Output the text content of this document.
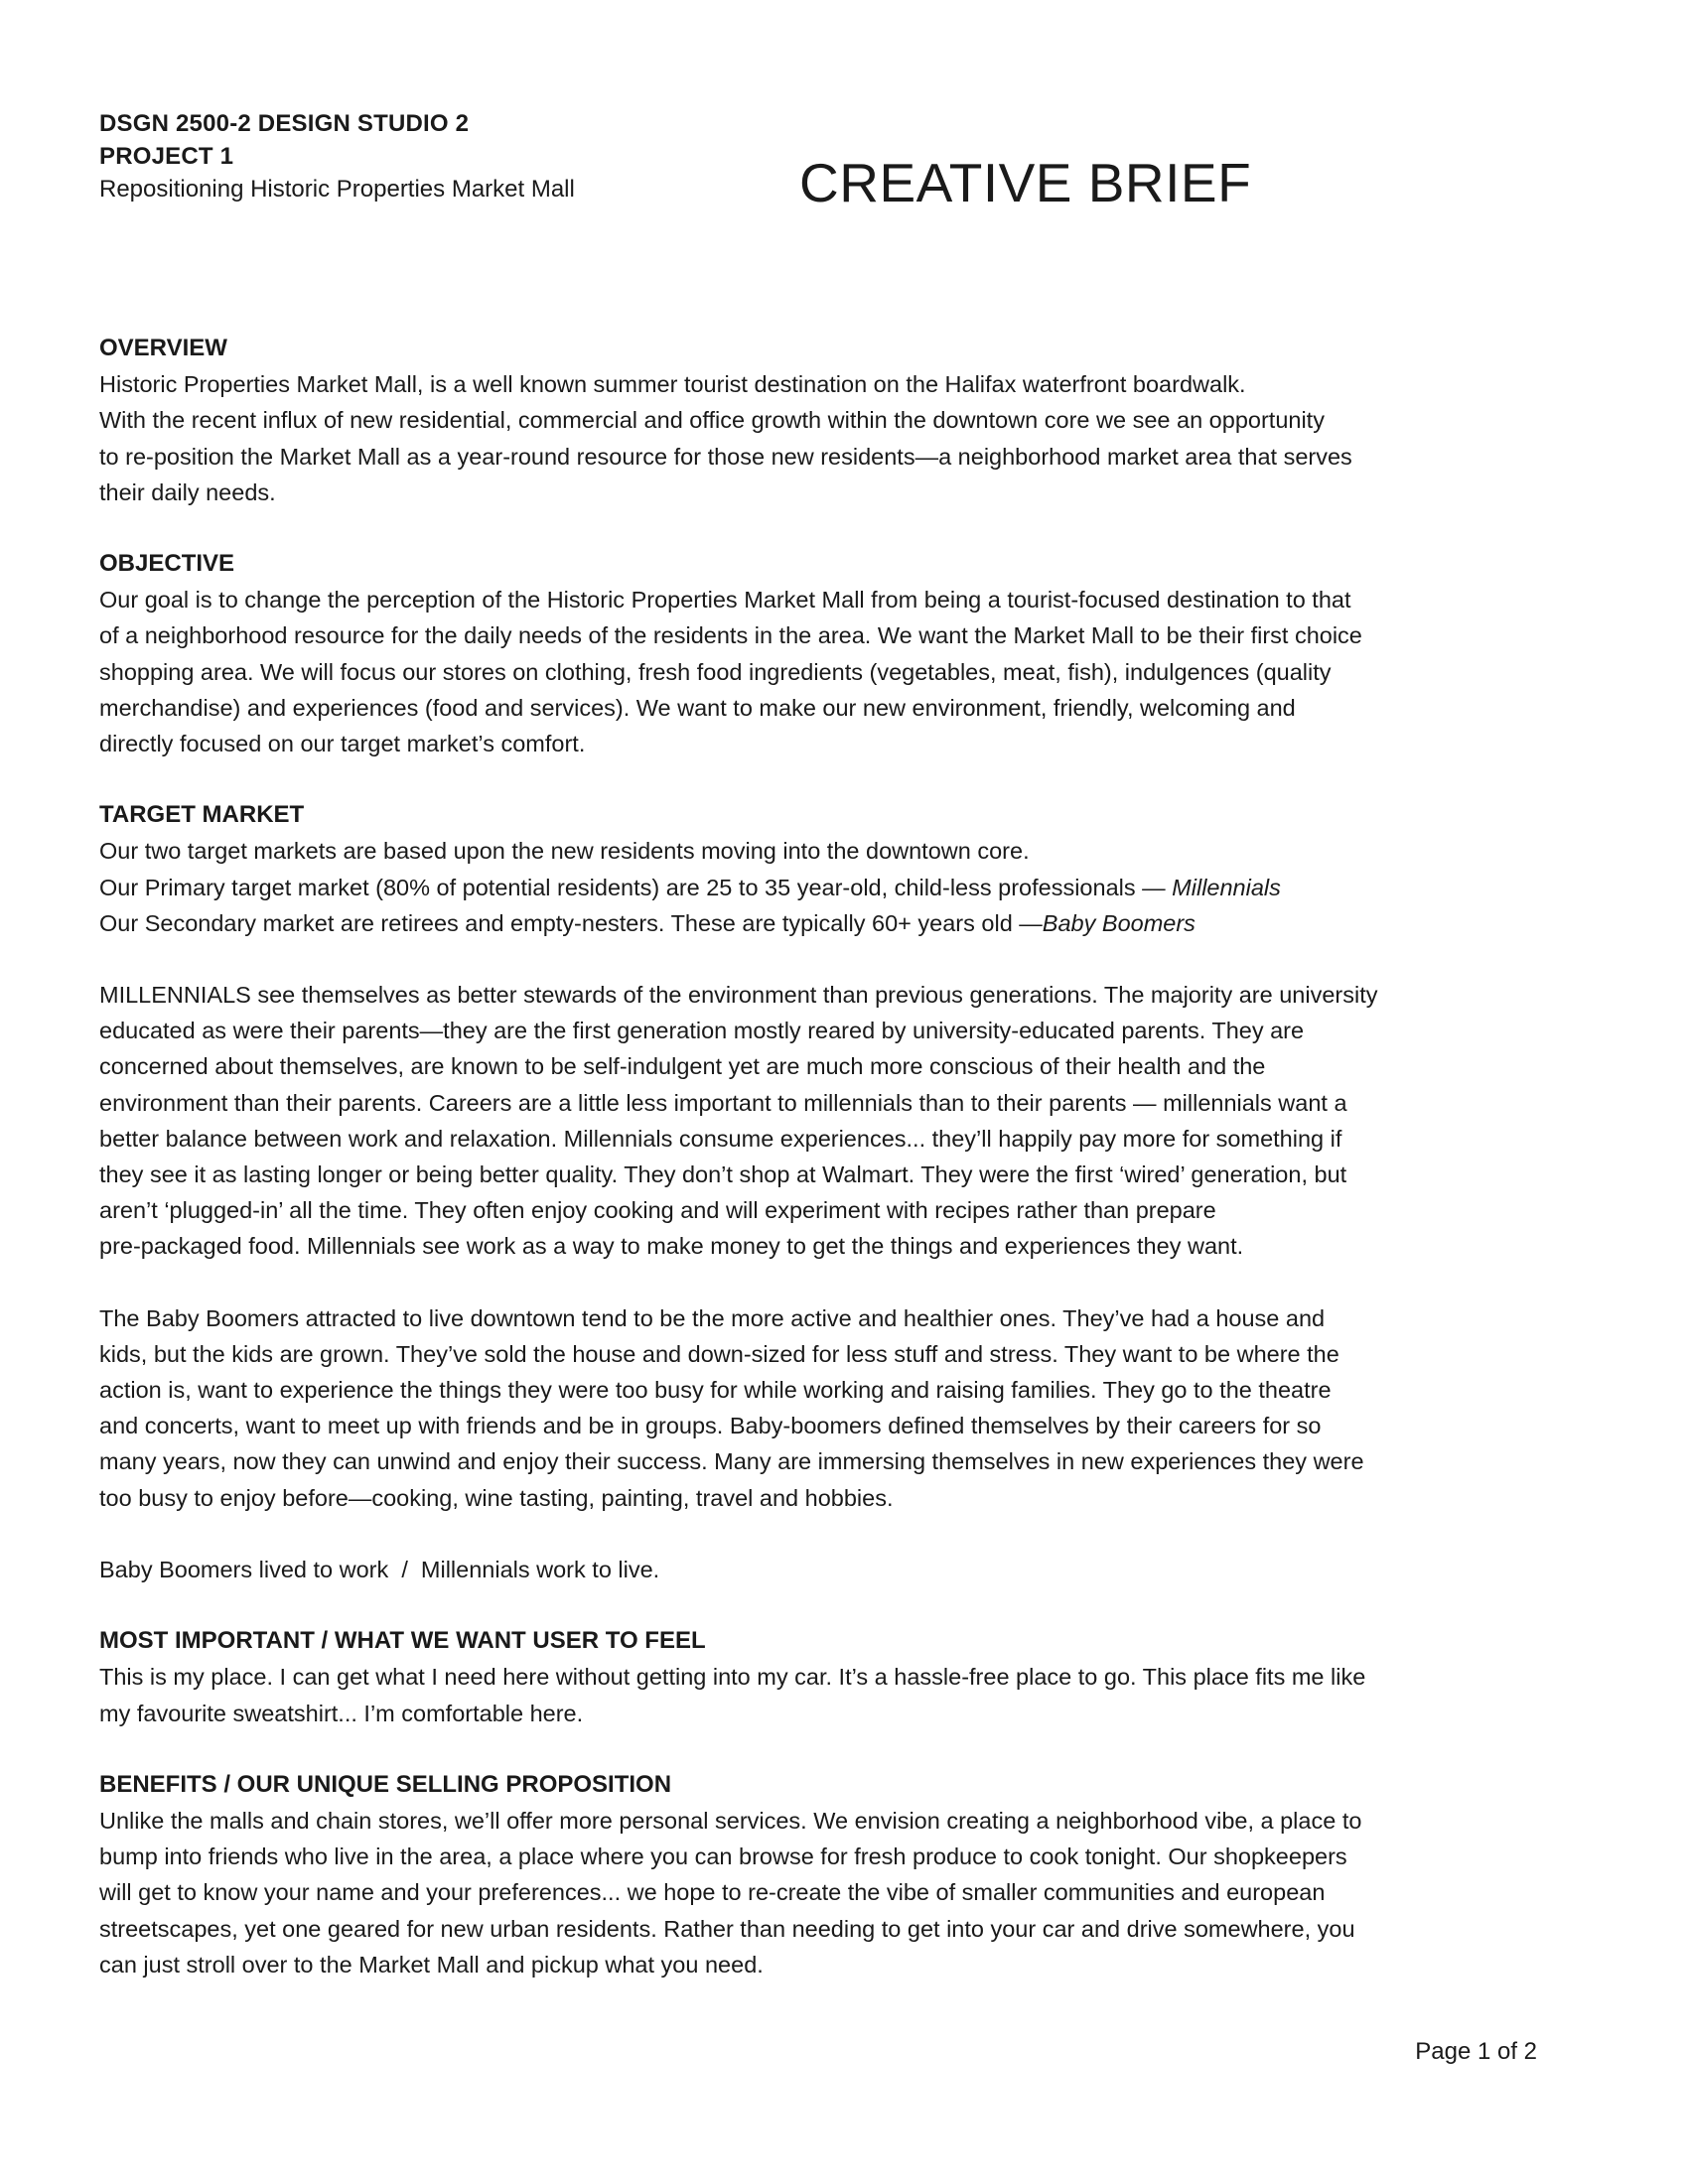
DSGN 2500-2 DESIGN STUDIO 2
PROJECT 1
Repositioning Historic Properties Market Mall	CREATIVE BRIEF
OVERVIEW

Historic Properties Market Mall, is a well known summer tourist destination on the Halifax waterfront boardwalk.
With the recent influx of new residential, commercial and office growth within the downtown core we see an opportunity
to re-position the Market Mall as a year-round resource for those new residents—a neighborhood market area that serves
their daily needs.

OBJECTIVE

Our goal is to change the perception of the Historic Properties Market Mall from being a tourist-focused destination to that
of a neighborhood resource for the daily needs of the residents in the area. We want the Market Mall to be their first choice
shopping area. We will focus our stores on clothing, fresh food ingredients (vegetables, meat, fish), indulgences (quality
merchandise) and experiences (food and services). We want to make our new environment, friendly, welcoming and
directly focused on our target market’s comfort.

TARGET MARKET

Our two target markets are based upon the new residents moving into the downtown core.
Our Primary target market (80% of potential residents) are 25 to 35 year-old, child-less professionals — Millennials
Our Secondary market are retirees and empty-nesters. These are typically 60+ years old —Baby Boomers

MILLENNIALS see themselves as better stewards of the environment than previous generations. The majority are university
educated as were their parents—they are the first generation mostly reared by university-educated parents. They are
concerned about themselves, are known to be self-indulgent yet are much more conscious of their health and the
environment than their parents. Careers are a little less important to millennials than to their parents — millennials want a
better balance between work and relaxation. Millennials consume experiences... they’ll happily pay more for something if
they see it as lasting longer or being better quality. They don’t shop at Walmart. They were the first ‘wired’ generation, but
aren’t ‘plugged-in’ all the time. They often enjoy cooking and will experiment with recipes rather than prepare
pre-packaged food. Millennials see work as a way to make money to get the things and experiences they want.

The Baby Boomers attracted to live downtown tend to be the more active and healthier ones. They’ve had a house and
kids, but the kids are grown. They’ve sold the house and down-sized for less stuff and stress. They want to be where the
action is, want to experience the things they were too busy for while working and raising families. They go to the theatre
and concerts, want to meet up with friends and be in groups. Baby-boomers defined themselves by their careers for so
many years, now they can unwind and enjoy their success. Many are immersing themselves in new experiences they were
too busy to enjoy before—cooking, wine tasting, painting, travel and hobbies.

Baby Boomers lived to work  /  Millennials work to live.

MOST IMPORTANT / WHAT WE WANT USER TO FEEL

This is my place. I can get what I need here without getting into my car. It’s a hassle-free place to go. This place fits me like
my favourite sweatshirt... I’m comfortable here.

BENEFITS / OUR UNIQUE SELLING PROPOSITION

Unlike the malls and chain stores, we’ll offer more personal services. We envision creating a neighborhood vibe, a place to
bump into friends who live in the area, a place where you can browse for fresh produce to cook tonight. Our shopkeepers
will get to know your name and your preferences... we hope to re-create the vibe of smaller communities and european
streetscapes, yet one geared for new urban residents. Rather than needing to get into your car and drive somewhere, you
can just stroll over to the Market Mall and pickup what you need.

Page 1 of 2
